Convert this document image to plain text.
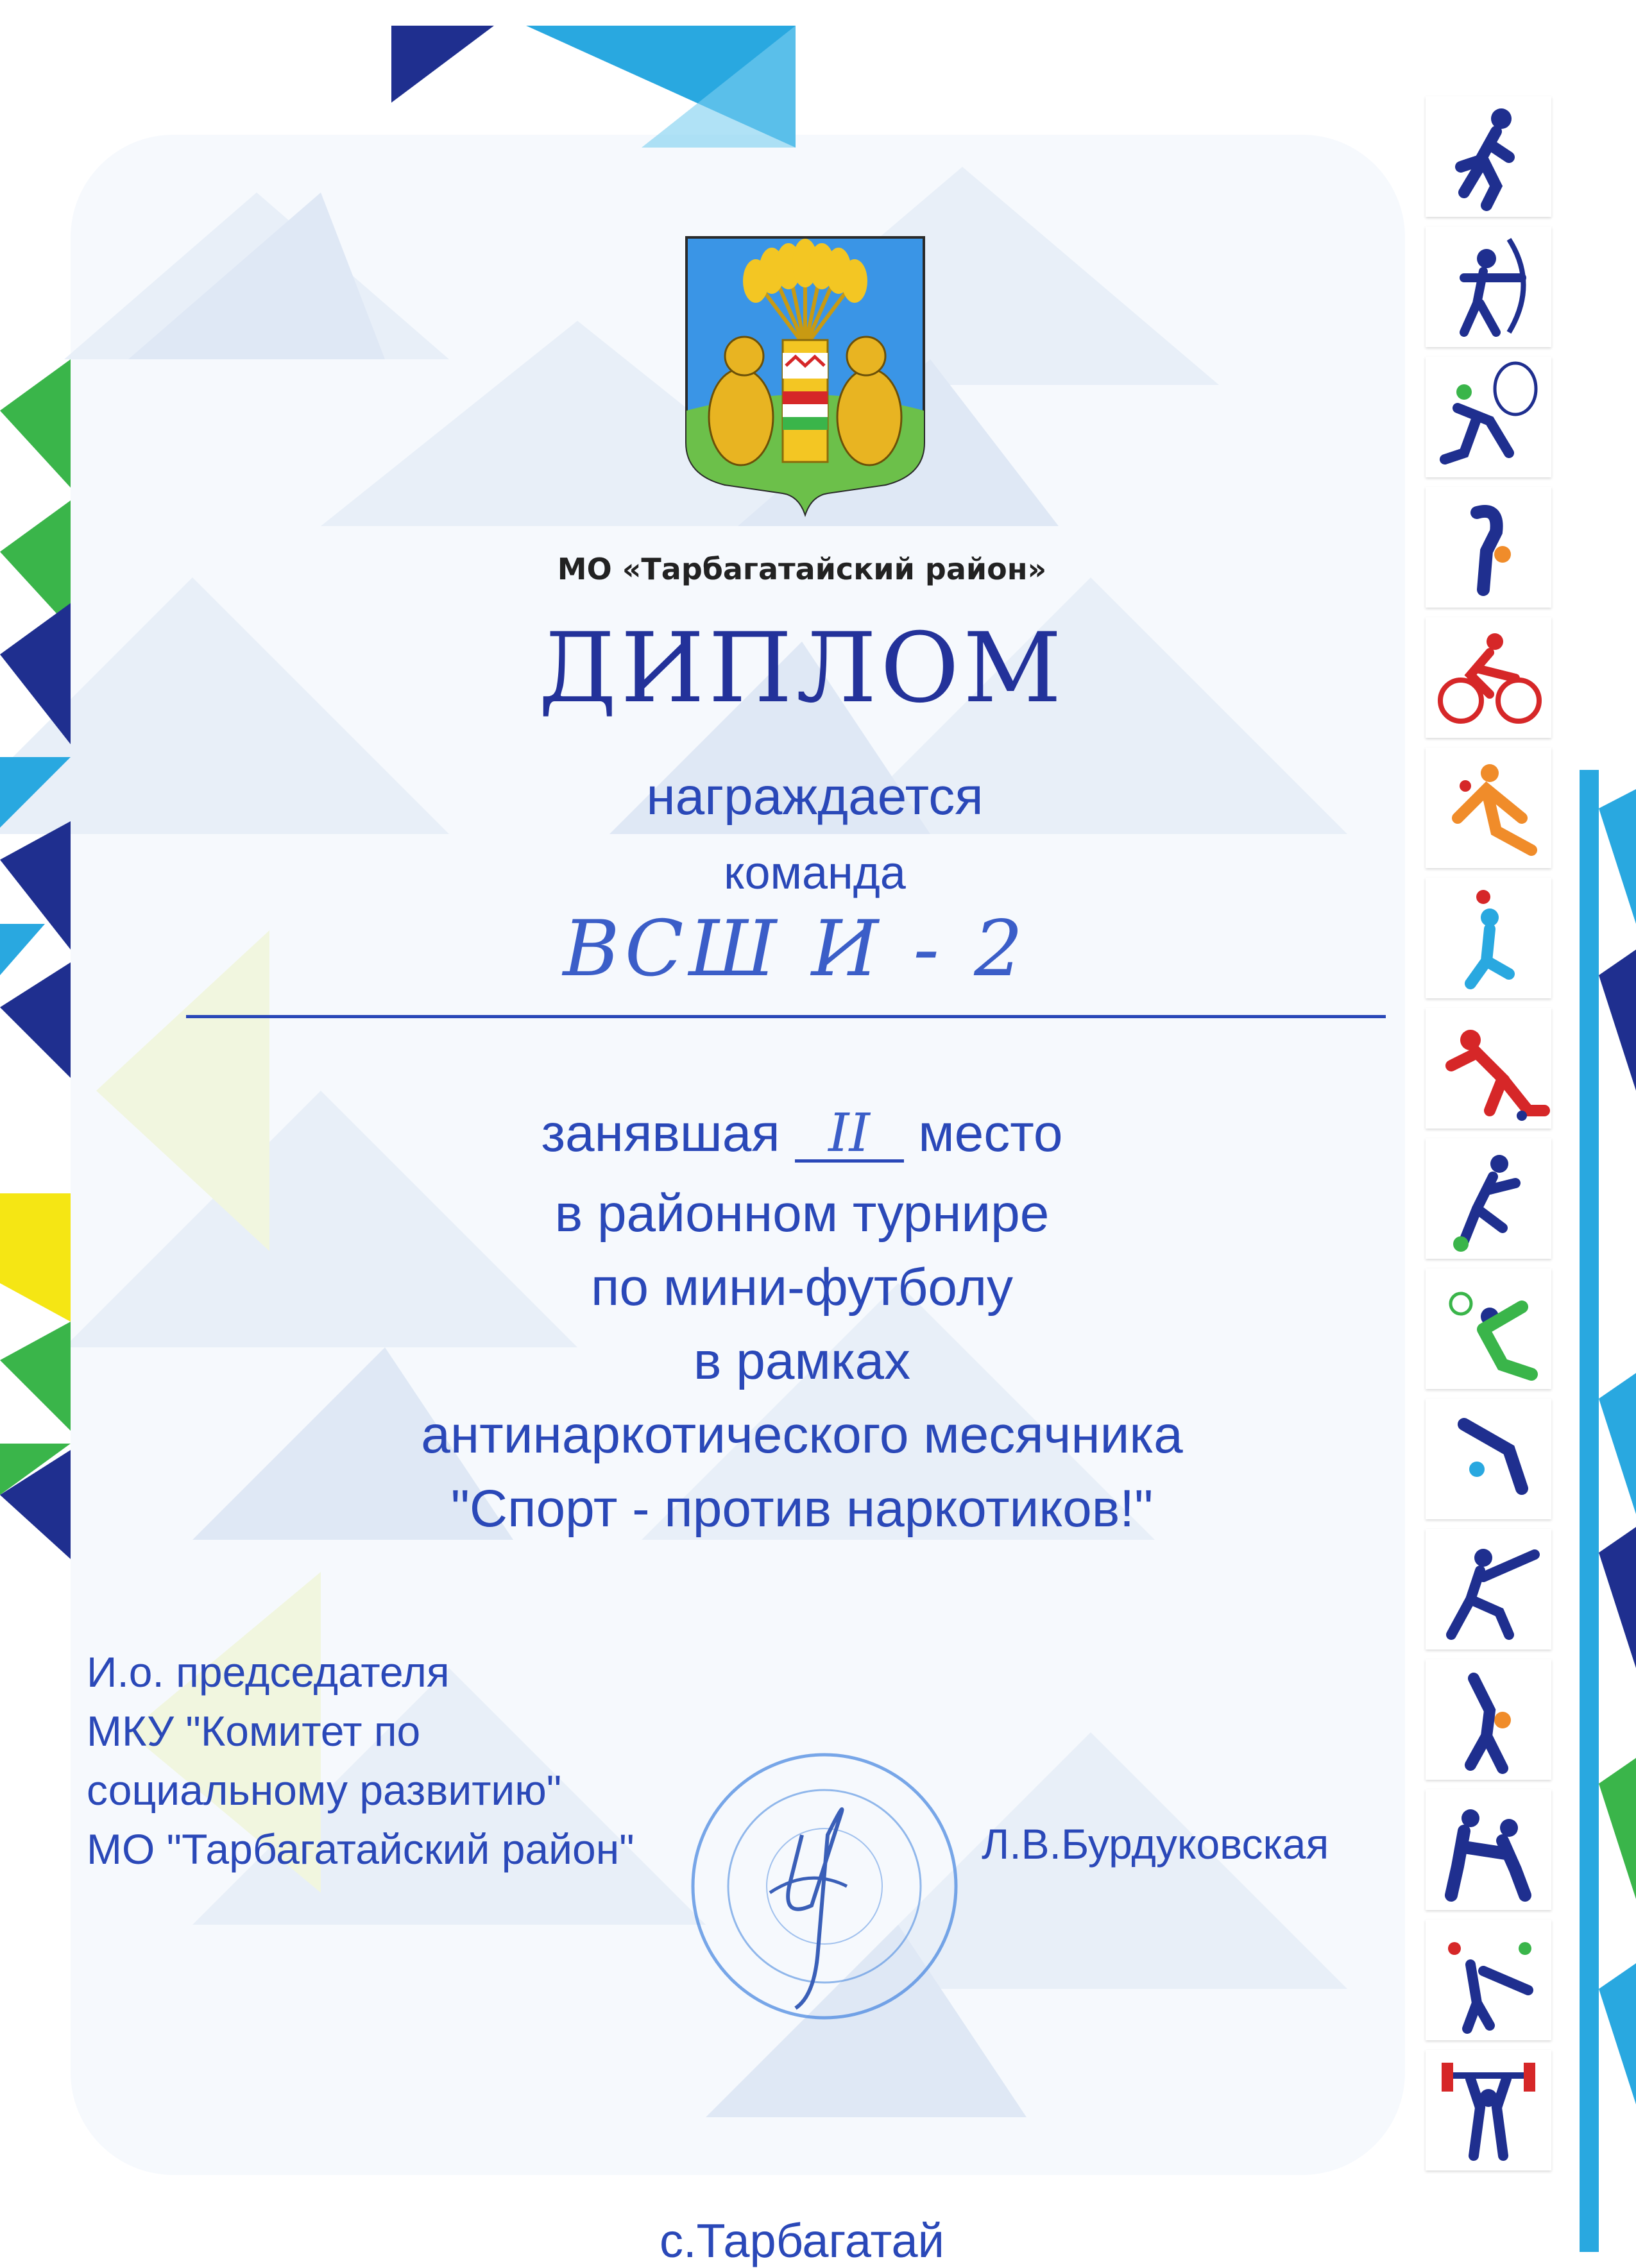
МО «Тарбагатайский район»
ДИПЛОМ
награждается
команда
ВСШ И - 2
занявшая II место
в районном турнире
по мини-футболу
в рамках
антинаркотического месячника
"Спорт - против наркотиков!"
И.о. председателя
МКУ "Комитет по
социальному развитию"
МО "Тарбагатайский район"	Л.В.Бурдуковская
с.Тарбагатай
